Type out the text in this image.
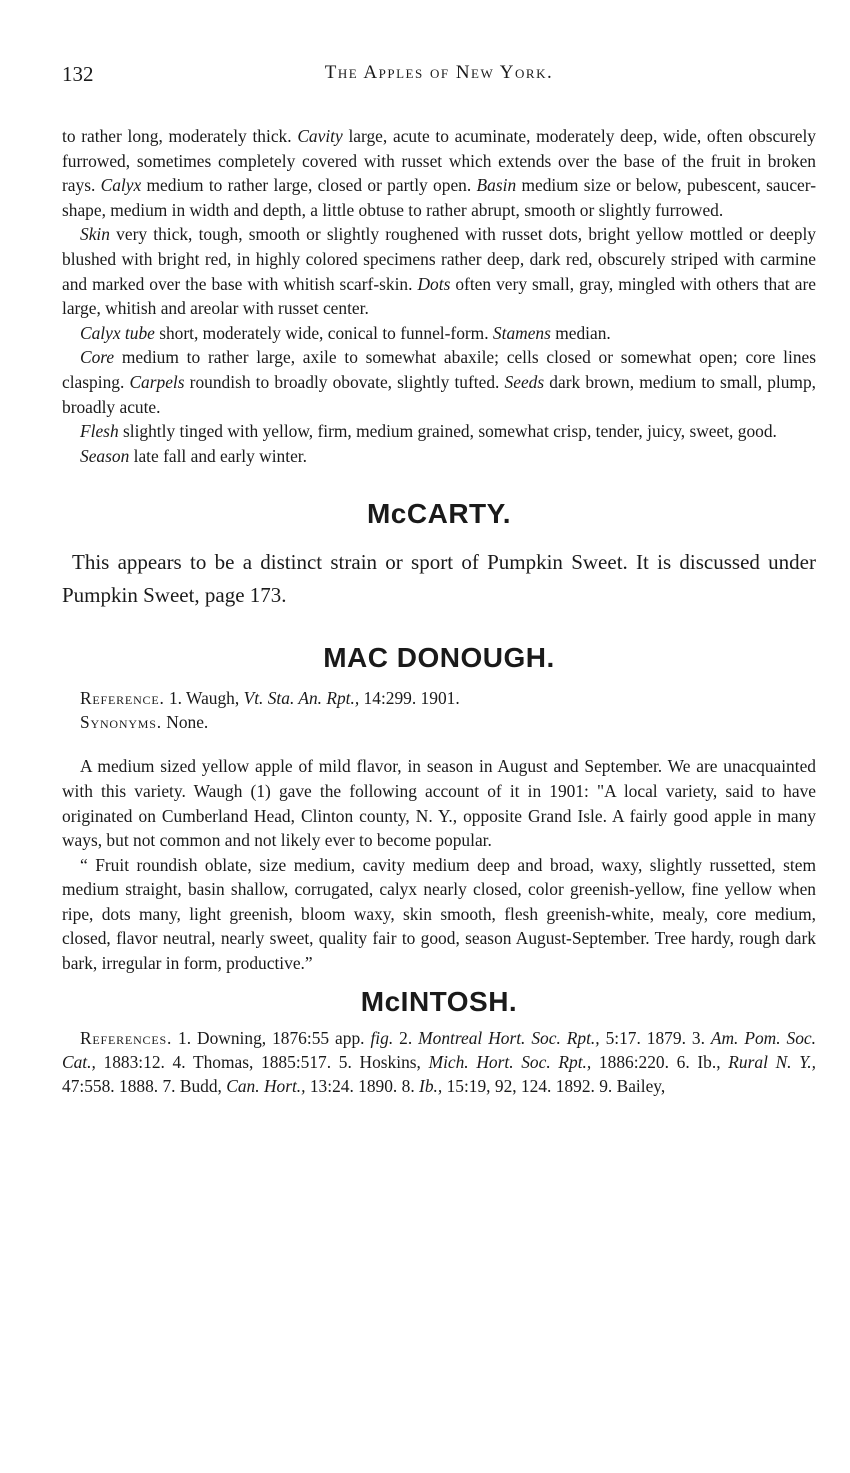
132	The Apples of New York.

to rather long, moderately thick. Cavity large, acute to acuminate, moderately deep, wide, often obscurely furrowed, sometimes completely covered with russet which extends over the base of the fruit in broken rays. Calyx medium to rather large, closed or partly open. Basin medium size or below, pubescent, saucer-shape, medium in width and depth, a little obtuse to rather abrupt, smooth or slightly furrowed.

Skin very thick, tough, smooth or slightly roughened with russet dots, bright yellow mottled or deeply blushed with bright red, in highly colored specimens rather deep, dark red, obscurely striped with carmine and marked over the base with whitish scarf-skin. Dots often very small, gray, mingled with others that are large, whitish and areolar with russet center.

Calyx tube short, moderately wide, conical to funnel-form. Stamens median.

Core medium to rather large, axile to somewhat abaxile; cells closed or somewhat open; core lines clasping. Carpels roundish to broadly obovate, slightly tufted. Seeds dark brown, medium to small, plump, broadly acute.

Flesh slightly tinged with yellow, firm, medium grained, somewhat crisp, tender, juicy, sweet, good.

Season late fall and early winter.

McCARTY.

This appears to be a distinct strain or sport of Pumpkin Sweet. It is discussed under Pumpkin Sweet, page 173.

MAC DONOUGH.

Reference. 1. Waugh, Vt. Sta. An. Rpt., 14:299. 1901.

Synonyms. None.

A medium sized yellow apple of mild flavor, in season in August and September. We are unacquainted with this variety. Waugh (1) gave the following account of it in 1901: "A local variety, said to have originated on Cumberland Head, Clinton county, N. Y., opposite Grand Isle. A fairly good apple in many ways, but not common and not likely ever to become popular.

“ Fruit roundish oblate, size medium, cavity medium deep and broad, waxy, slightly russetted, stem medium straight, basin shallow, corrugated, calyx nearly closed, color greenish-yellow, fine yellow when ripe, dots many, light greenish, bloom waxy, skin smooth, flesh greenish-white, mealy, core medium, closed, flavor neutral, nearly sweet, quality fair to good, season August-September. Tree hardy, rough dark bark, irregular in form, productive.”

McINTOSH.

References. 1. Downing, 1876:55 app. fig. 2. Montreal Hort. Soc. Rpt., 5:17. 1879. 3. Am. Pom. Soc. Cat., 1883:12. 4. Thomas, 1885:517. 5. Hoskins, Mich. Hort. Soc. Rpt., 1886:220. 6. Ib., Rural N. Y., 47:558. 1888. 7. Budd, Can. Hort., 13:24. 1890. 8. Ib., 15:19, 92, 124. 1892. 9. Bailey,
